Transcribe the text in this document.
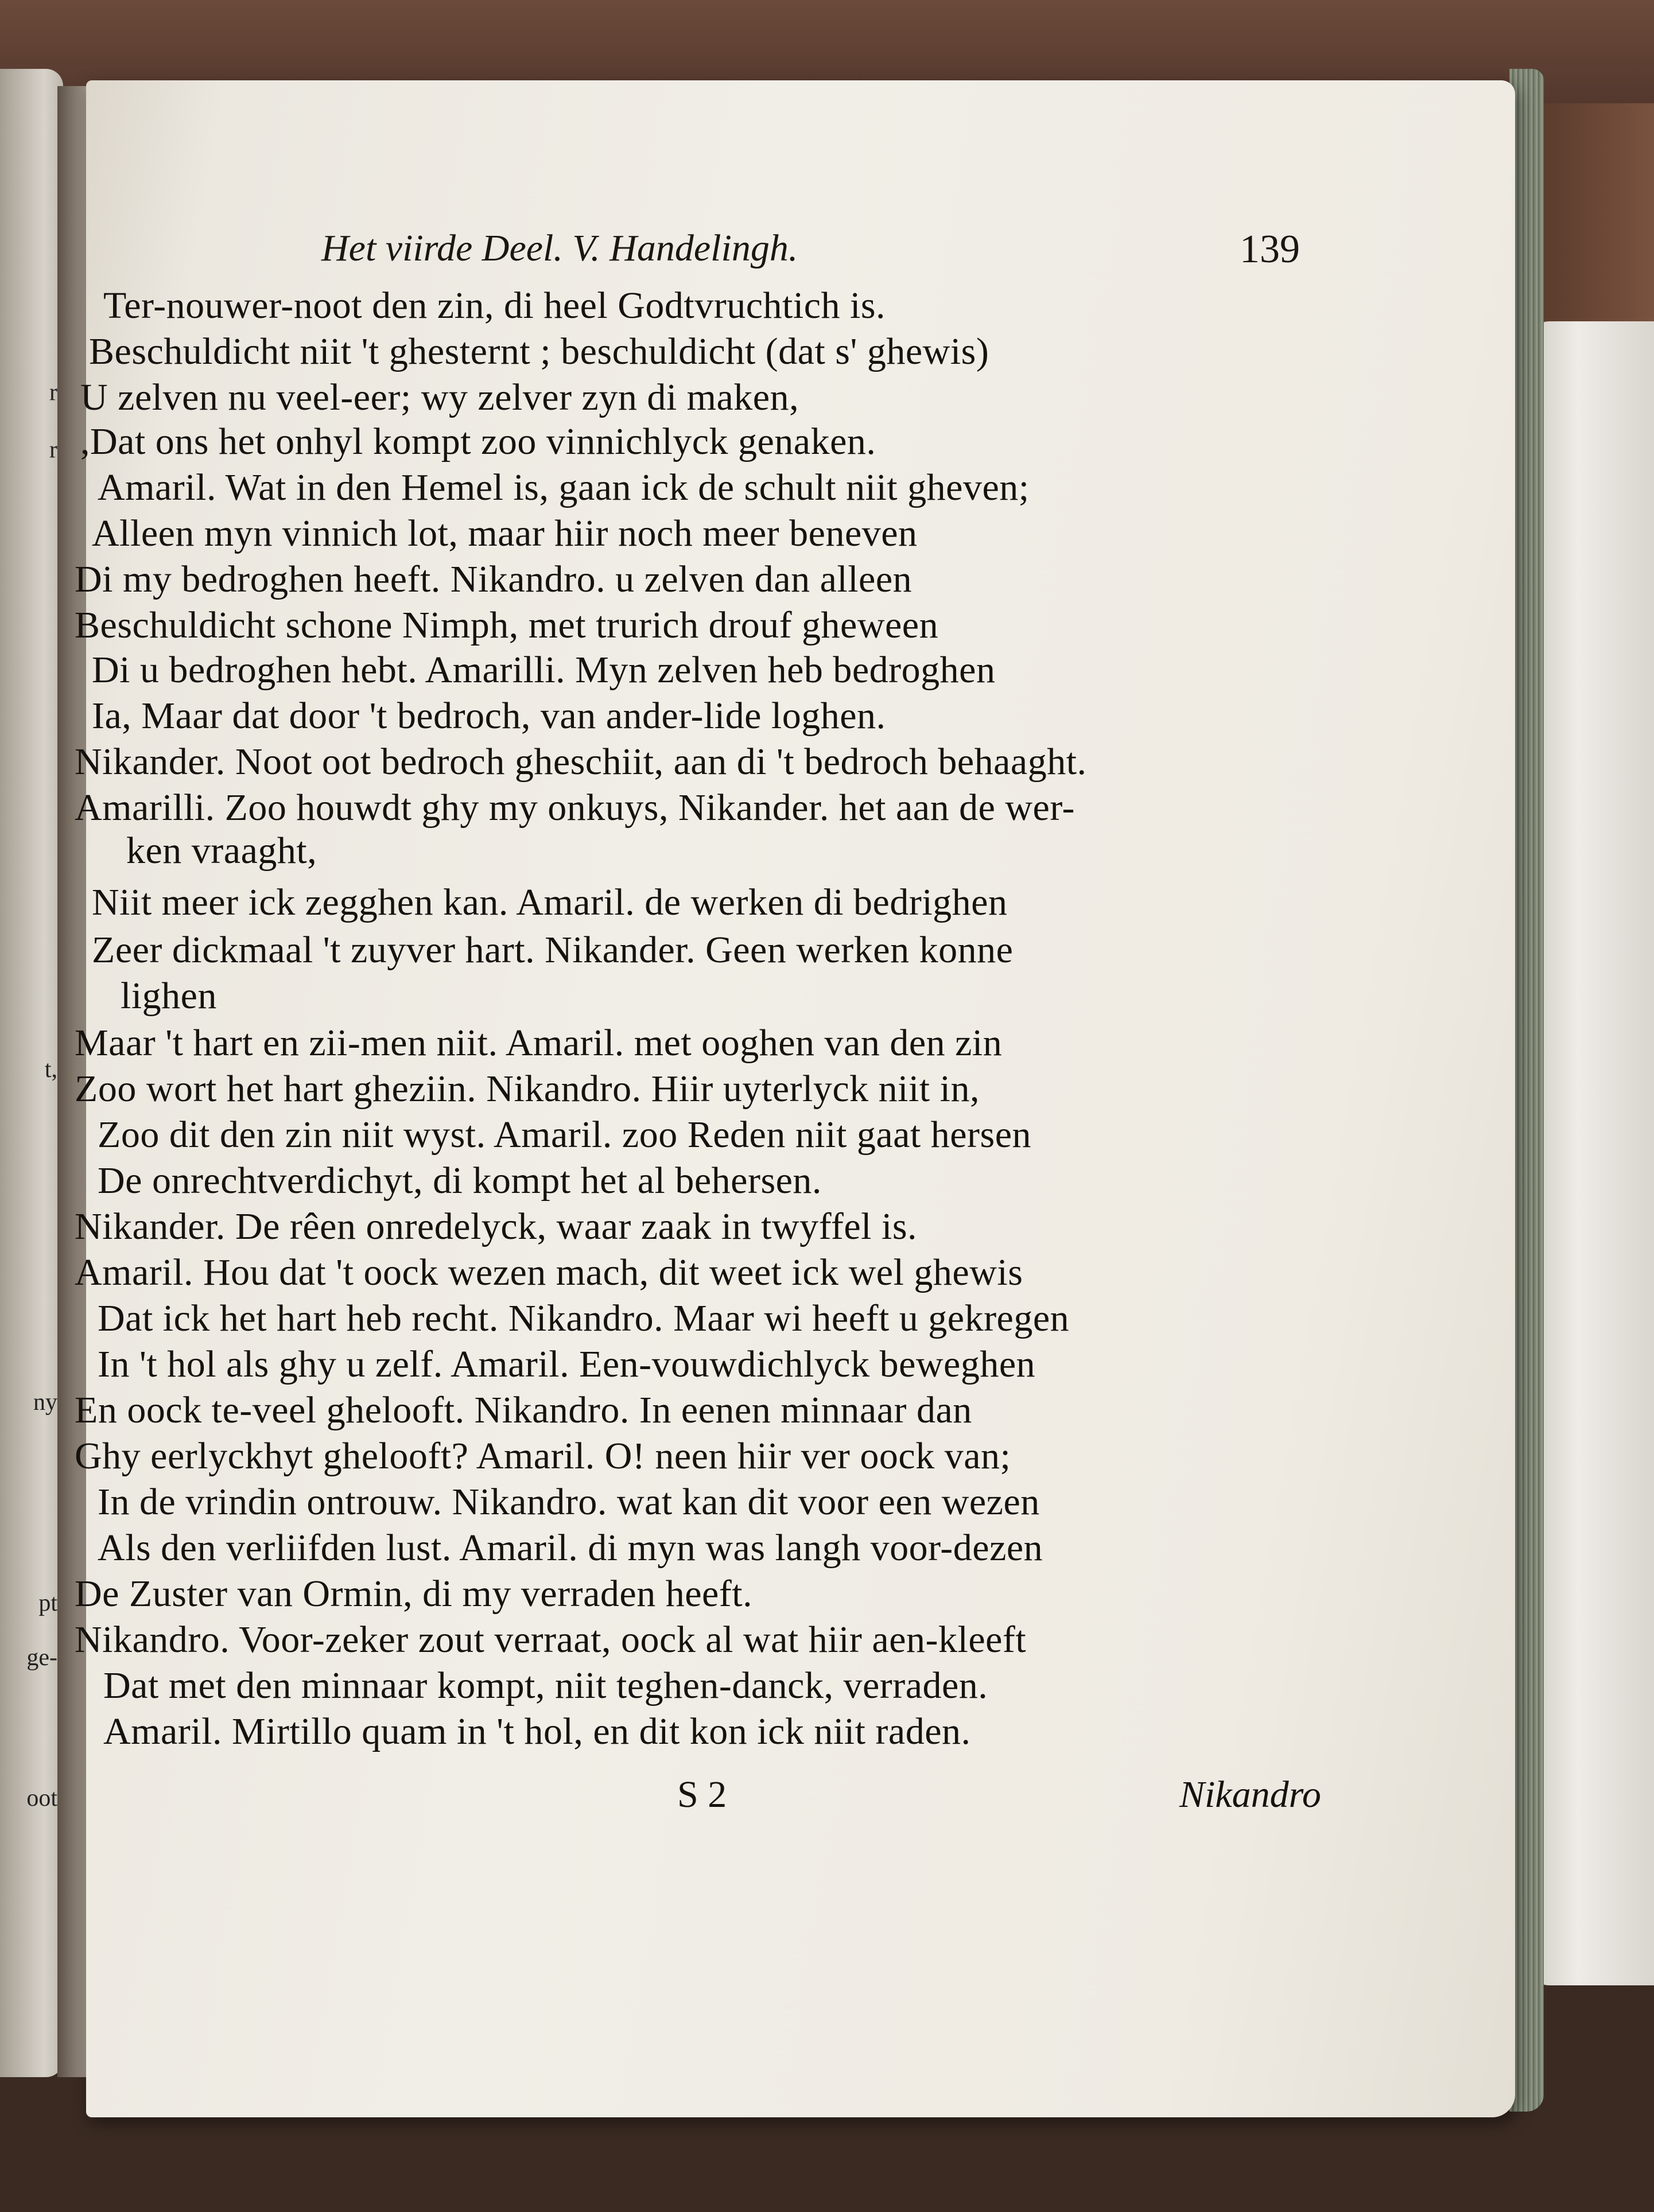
r
r
t,
ny
pt
ge-
oot
Het viirde Deel. V. Handelingh.	139
Ter-nouwer-noot den zin, di heel Godtvruchtich is.
Beschuldicht niit 't ghesternt ; beschuldicht (dat s' ghewis)
U zelven nu veel-eer; wy zelver zyn di maken,
,Dat ons het onhyl kompt zoo vinnichlyck genaken.
Amaril. Wat in den Hemel is, gaan ick de schult niit gheven;
Alleen myn vinnich lot, maar hiir noch meer beneven
Di my bedroghen heeft. Nikandro. u zelven dan alleen
Beschuldicht schone Nimph, met trurich drouf gheween
Di u bedroghen hebt. Amarilli. Myn zelven heb bedroghen
Ia, Maar dat door 't bedroch, van ander-lide loghen.
Nikander. Noot oot bedroch gheschiit, aan di 't bedroch behaaght.
Amarilli. Zoo houwdt ghy my onkuys, Nikander. het aan de wer-
ken vraaght,
Niit meer ick zegghen kan. Amaril. de werken di bedrighen
Zeer dickmaal 't zuyver hart. Nikander. Geen werken konne
lighen
Maar 't hart en zii-men niit. Amaril. met ooghen van den zin
Zoo wort het hart gheziin. Nikandro. Hiir uyterlyck niit in,
Zoo dit den zin niit wyst. Amaril. zoo Reden niit gaat hersen
De onrechtverdichyt, di kompt het al behersen.
Nikander. De rêen onredelyck, waar zaak in twyffel is.
Amaril. Hou dat 't oock wezen mach, dit weet ick wel ghewis
Dat ick het hart heb recht. Nikandro. Maar wi heeft u gekregen
In 't hol als ghy u zelf. Amaril. Een-vouwdichlyck beweghen
En oock te-veel ghelooft. Nikandro. In eenen minnaar dan
Ghy eerlyckhyt ghelooft? Amaril. O! neen hiir ver oock van;
In de vrindin ontrouw. Nikandro. wat kan dit voor een wezen
Als den verliifden lust. Amaril. di myn was langh voor-dezen
De Zuster van Ormin, di my verraden heeft.
Nikandro. Voor-zeker zout verraat, oock al wat hiir aen-kleeft
Dat met den minnaar kompt, niit teghen-danck, verraden.
Amaril. Mirtillo quam in 't hol, en dit kon ick niit raden.
S 2	Nikandro
